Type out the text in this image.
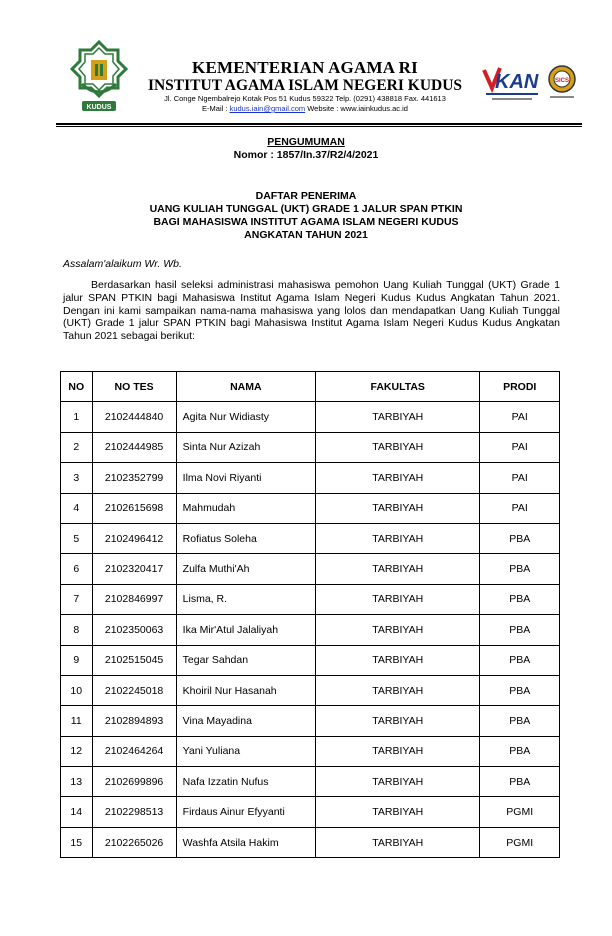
KUDUS
KEMENTERIAN AGAMA RI
INSTITUT AGAMA ISLAM NEGERI KUDUS
Jl. Conge Ngembalrejo Kotak Pos 51 Kudus 59322 Telp. (0291) 438818 Fax. 441613
E-Mail : kudus.iain@gmail.com Website : www.iainkudus.ac.id
KAN	SICS
PENGUMUMAN
Nomor : 1857/In.37/R2/4/2021
DAFTAR PENERIMA
UANG KULIAH TUNGGAL (UKT) GRADE 1 JALUR SPAN PTKIN
BAGI MAHASISWA INSTITUT AGAMA ISLAM NEGERI KUDUS
ANGKATAN TAHUN 2021
Assalam'alaikum Wr. Wb.
Berdasarkan hasil seleksi administrasi mahasiswa pemohon Uang Kuliah Tunggal (UKT) Grade 1 jalur SPAN PTKIN bagi Mahasiswa Institut Agama Islam Negeri Kudus Kudus Angkatan Tahun 2021. Dengan ini kami sampaikan nama-nama mahasiswa yang lolos dan mendapatkan Uang Kuliah Tunggal (UKT) Grade 1 jalur SPAN PTKIN bagi Mahasiswa Institut Agama Islam Negeri Kudus Kudus Angkatan Tahun 2021 sebagai berikut:
NO	NO TES	NAMA	FAKULTAS	PRODI
1	2102444840	Agita Nur Widiasty	TARBIYAH	PAI
2	2102444985	Sinta Nur Azizah	TARBIYAH	PAI
3	2102352799	Ilma Novi Riyanti	TARBIYAH	PAI
4	2102615698	Mahmudah	TARBIYAH	PAI
5	2102496412	Rofiatus Soleha	TARBIYAH	PBA
6	2102320417	Zulfa Muthi'Ah	TARBIYAH	PBA
7	2102846997	Lisma, R.	TARBIYAH	PBA
8	2102350063	Ika Mir'Atul Jalaliyah	TARBIYAH	PBA
9	2102515045	Tegar Sahdan	TARBIYAH	PBA
10	2102245018	Khoiril Nur Hasanah	TARBIYAH	PBA
11	2102894893	Vina Mayadina	TARBIYAH	PBA
12	2102464264	Yani Yuliana	TARBIYAH	PBA
13	2102699896	Nafa Izzatin Nufus	TARBIYAH	PBA
14	2102298513	Firdaus Ainur Efyyanti	TARBIYAH	PGMI
15	2102265026	Washfa Atsila Hakim	TARBIYAH	PGMI
